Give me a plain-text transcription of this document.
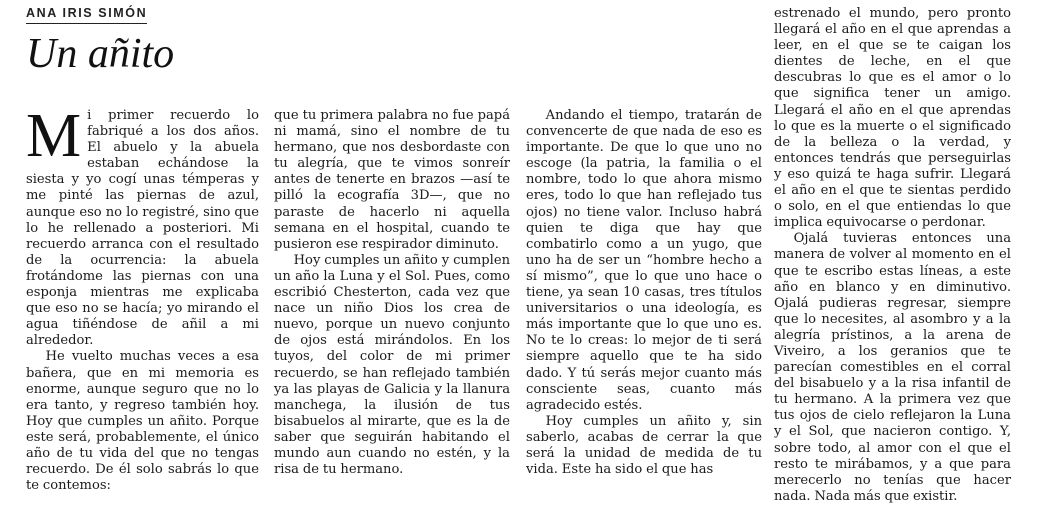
ANA IRIS SIMÓN
Un añito

Mi primer recuerdo lo fabriqué a los dos años. El abuelo y la abuela estaban echándose la siesta y yo cogí unas témperas y me pinté las piernas de azul, aunque eso no lo registré, sino que lo he rellenado a posteriori. Mi recuerdo arranca con el resultado de la ocurrencia: la abuela frotándome las piernas con una esponja mientras me explicaba que eso no se hacía; yo mirando el agua tiñéndose de añil a mi alrededor.

He vuelto muchas veces a esa bañera, que en mi memoria es enorme, aunque seguro que no lo era tanto, y regreso también hoy. Hoy que cumples un añito. Porque este será, probablemente, el único año de tu vida del que no tengas recuerdo. De él solo sabrás lo que te contemos:

que tu primera palabra no fue papá ni mamá, sino el nombre de tu hermano, que nos desbordaste con tu alegría, que te vimos sonreír antes de tenerte en brazos —así te pilló la ecografía 3D—, que no paraste de hacerlo ni aquella semana en el hospital, cuando te pusieron ese respirador diminuto.

Hoy cumples un añito y cumplen un año la Luna y el Sol. Pues, como escribió Chesterton, cada vez que nace un niño Dios los crea de nuevo, porque un nuevo conjunto de ojos está mirándolos. En los tuyos, del color de mi primer recuerdo, se han reflejado también ya las playas de Galicia y la llanura manchega, la ilusión de tus bisabuelos al mirarte, que es la de saber que seguirán habitando el mundo aun cuando no estén, y la risa de tu hermano.

Andando el tiempo, tratarán de convencerte de que nada de eso es importante. De que lo que uno no escoge (la patria, la familia o el nombre, todo lo que ahora mismo eres, todo lo que han reflejado tus ojos) no tiene valor. Incluso habrá quien te diga que hay que combatirlo como a un yugo, que uno ha de ser un “hombre hecho a sí mismo”, que lo que uno hace o tiene, ya sean 10 casas, tres títulos universitarios o una ideología, es más importante que lo que uno es. No te lo creas: lo mejor de ti será siempre aquello que te ha sido dado. Y tú serás mejor cuanto más consciente seas, cuanto más agradecido estés.

Hoy cumples un añito y, sin saberlo, acabas de cerrar la que será la unidad de medida de tu vida. Este ha sido el que has

estrenado el mundo, pero pronto llegará el año en el que aprendas a leer, en el que se te caigan los dientes de leche, en el que descubras lo que es el amor o lo que significa tener un amigo. Llegará el año en el que aprendas lo que es la muerte o el significado de la belleza o la verdad, y entonces tendrás que perseguirlas y eso quizá te haga sufrir. Llegará el año en el que te sientas perdido o solo, en el que entiendas lo que implica equivocarse o perdonar.

Ojalá tuvieras entonces una manera de volver al momento en el que te escribo estas líneas, a este año en blanco y en diminutivo. Ojalá pudieras regresar, siempre que lo necesites, al asombro y a la alegría prístinos, a la arena de Viveiro, a los geranios que te parecían comestibles en el corral del bisabuelo y a la risa infantil de tu hermano. A la primera vez que tus ojos de cielo reflejaron la Luna y el Sol, que nacieron contigo. Y, sobre todo, al amor con el que el resto te mirábamos, y a que para merecerlo no tenías que hacer nada. Nada más que existir.
